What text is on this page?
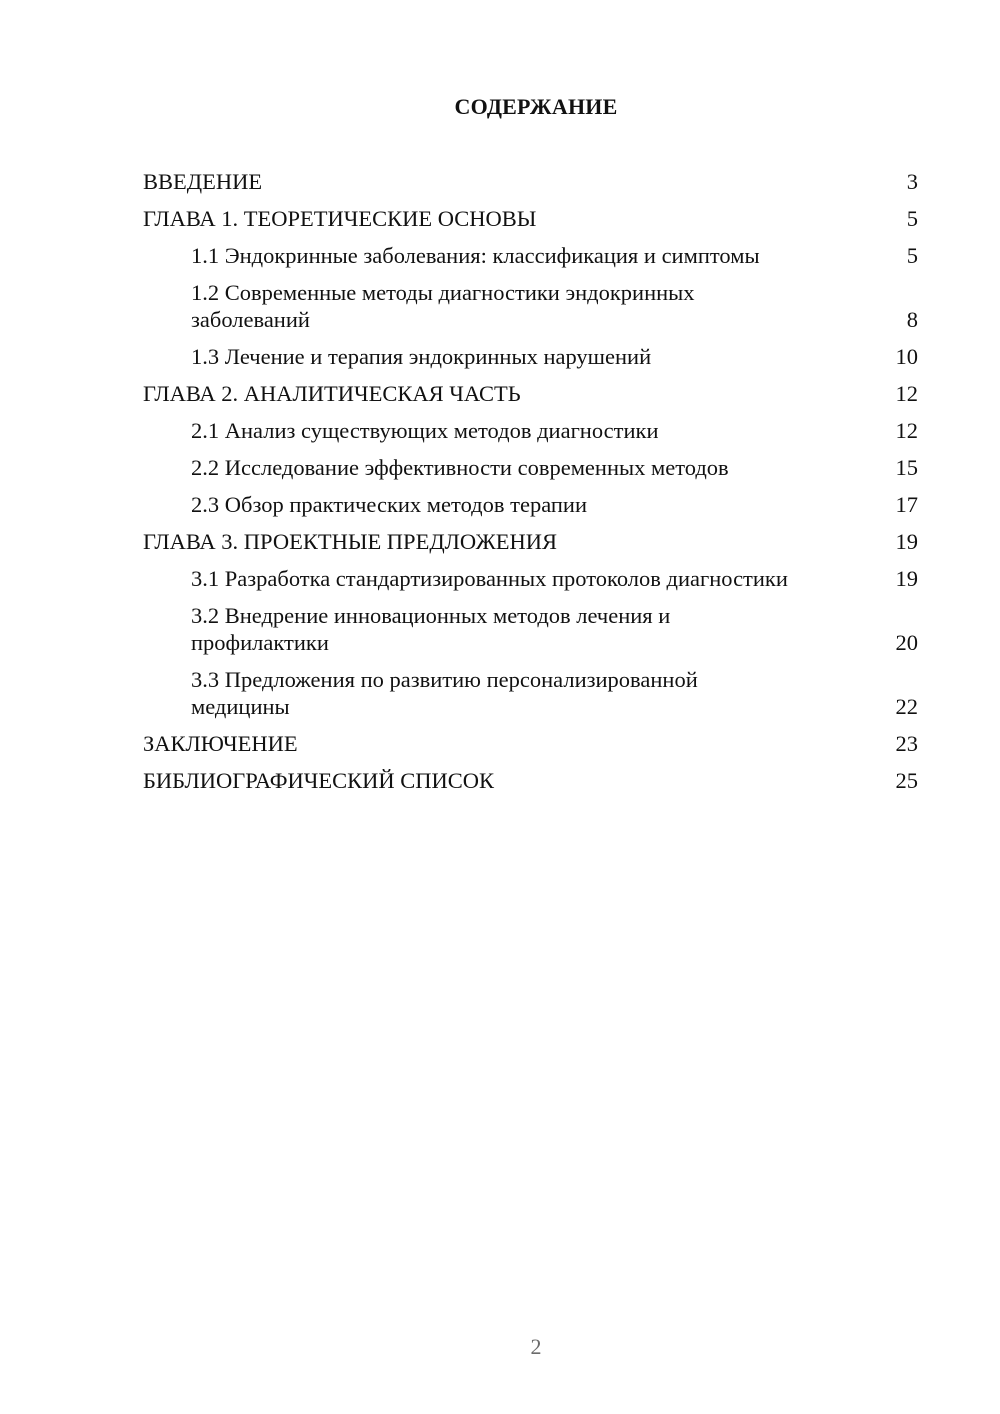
СОДЕРЖАНИЕ
ВВЕДЕНИЕ	3
ГЛАВА 1. ТЕОРЕТИЧЕСКИЕ ОСНОВЫ	5
1.1 Эндокринные заболевания: классификация и симптомы	5
1.2 Современные методы диагностики эндокринных заболеваний	8
1.3 Лечение и терапия эндокринных нарушений	10
ГЛАВА 2. АНАЛИТИЧЕСКАЯ ЧАСТЬ	12
2.1 Анализ существующих методов диагностики	12
2.2 Исследование эффективности современных методов	15
2.3 Обзор практических методов терапии	17
ГЛАВА 3. ПРОЕКТНЫЕ ПРЕДЛОЖЕНИЯ	19
3.1 Разработка стандартизированных протоколов диагностики	19
3.2 Внедрение инновационных методов лечения и профилактики	20
3.3 Предложения по развитию персонализированной медицины	22
ЗАКЛЮЧЕНИЕ	23
БИБЛИОГРАФИЧЕСКИЙ СПИСОК	25
2
